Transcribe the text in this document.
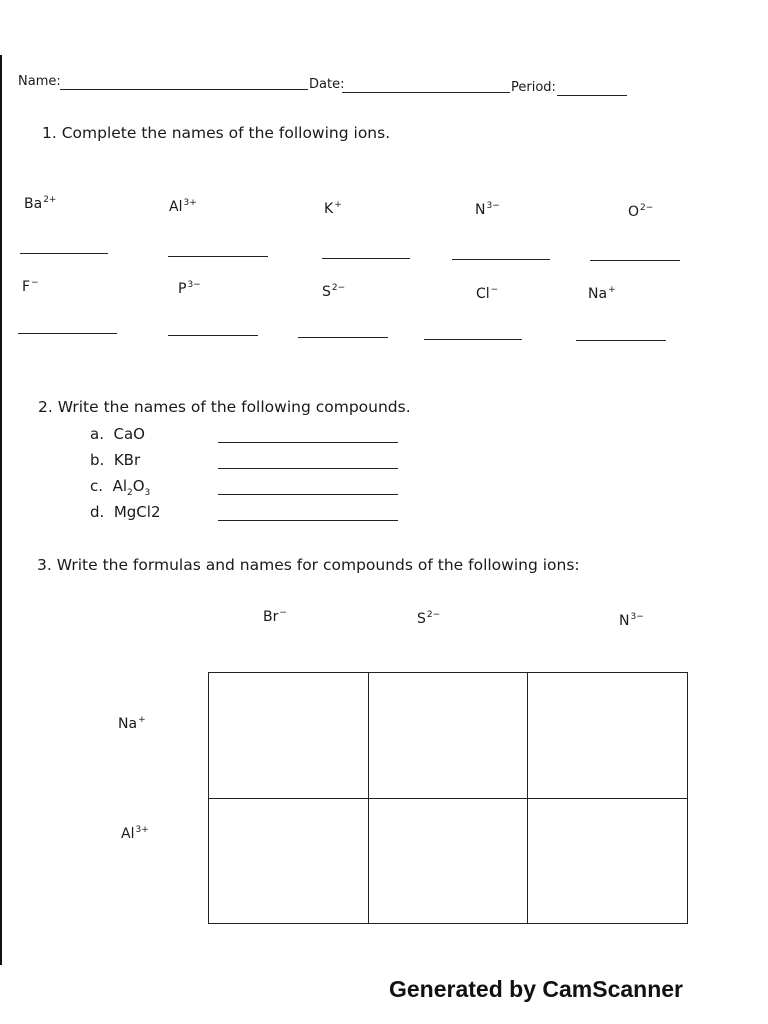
Name:	Date:	Period:
1. Complete the names of the following ions.
$Ba^{2+}$	$Al^{3+}$	K+	$N^{3-}$	$O^{2-}$
F−	$P^{3-}$	$S^{2-}$	Cl−	Na+
2. Write the names of the following compounds.
a. CaO
b. KBr
c. $Al_2O_3$
d. MgCl2
3. Write the formulas and names for compounds of the following ions:
Br−	$S^{2-}$	$N^{3-}$
Na+
$Al^{3+}$

Generated by CamScanner
